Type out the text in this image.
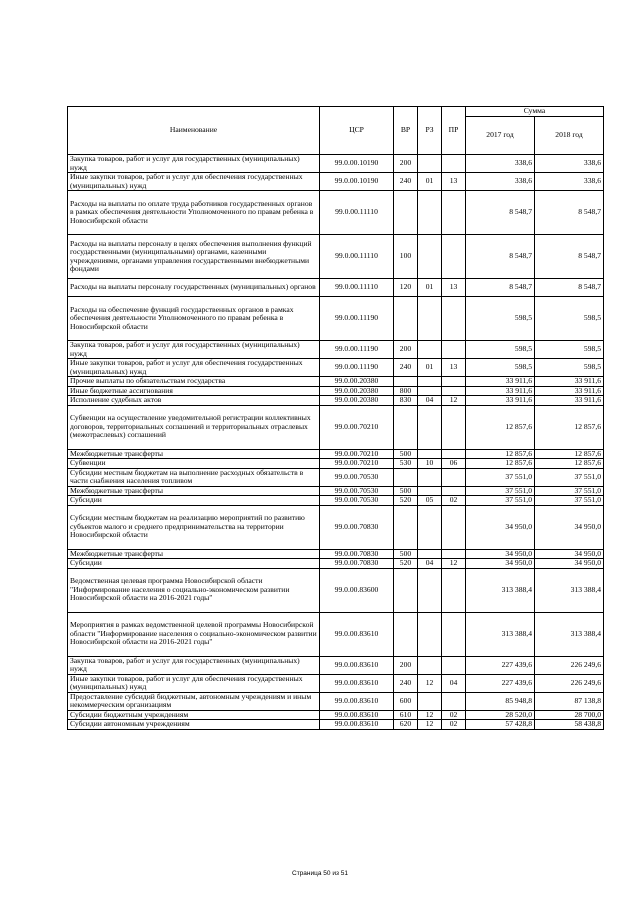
Наименование	ЦСР	ВР	РЗ	ПР	Сумма	
					2017 год	2018 год
Закупка товаров, работ и услуг для государственных (муниципальных) нужд	99.0.00.10190	200			338,6	338,6
Иные закупки товаров, работ и услуг для обеспечения государственных (муниципальных) нужд	99.0.00.10190	240	01	13	338,6	338,6
Расходы на выплаты по оплате труда работников государственных органов в рамках обеспечения деятельности Уполномоченного по правам ребенка в Новосибирской области	99.0.00.11110				8 548,7	8 548,7
Расходы на выплаты персоналу в целях обеспечения выполнения функций государственными (муниципальными) органами, казенными учреждениями, органами управления государственными внебюджетными фондами	99.0.00.11110	100			8 548,7	8 548,7
Расходы на выплаты персоналу государственных (муниципальных) органов	99.0.00.11110	120	01	13	8 548,7	8 548,7
Расходы на обеспечение функций государственных органов в рамках обеспечения деятельности Уполномоченного по правам ребенка в Новосибирской области	99.0.00.11190				598,5	598,5
Закупка товаров, работ и услуг для государственных (муниципальных) нужд	99.0.00.11190	200			598,5	598,5
Иные закупки товаров, работ и услуг для обеспечения государственных (муниципальных) нужд	99.0.00.11190	240	01	13	598,5	598,5
Прочие выплаты по обязательствам государства	99.0.00.20380				33 911,6	33 911,6
Иные бюджетные ассигнования	99.0.00.20380	800			33 911,6	33 911,6
Исполнение судебных актов	99.0.00.20380	830	04	12	33 911,6	33 911,6
Субвенции на осуществление уведомительной регистрации коллективных договоров, территориальных соглашений и территориальных отраслевых (межотраслевых) соглашений	99.0.00.70210				12 857,6	12 857,6
Межбюджетные трансферты	99.0.00.70210	500			12 857,6	12 857,6
Субвенции	99.0.00.70210	530	10	06	12 857,6	12 857,6
Субсидии местным бюджетам на выполнение расходных обязательств в части снабжения населения топливом	99.0.00.70530				37 551,0	37 551,0
Межбюджетные трансферты	99.0.00.70530	500			37 551,0	37 551,0
Субсидии	99.0.00.70530	520	05	02	37 551,0	37 551,0
Субсидии местным бюджетам на реализацию мероприятий по развитию субъектов малого и среднего предпринимательства на территории Новосибирской области	99.0.00.70830				34 950,0	34 950,0
Межбюджетные трансферты	99.0.00.70830	500			34 950,0	34 950,0
Субсидии	99.0.00.70830	520	04	12	34 950,0	34 950,0
Ведомственная целевая программа Новосибирской области "Информирование населения о социально-экономическом развитии Новосибирской области на 2016-2021 годы"	99.0.00.83600				313 388,4	313 388,4
Мероприятия в рамках ведомственной целевой программы Новосибирской области "Информирование населения о социально-экономическом развитии Новосибирской области на 2016-2021 годы"	99.0.00.83610				313 388,4	313 388,4
Закупка товаров, работ и услуг для государственных (муниципальных) нужд	99.0.00.83610	200			227 439,6	226 249,6
Иные закупки товаров, работ и услуг для обеспечения государственных (муниципальных) нужд	99.0.00.83610	240	12	04	227 439,6	226 249,6
Предоставление субсидий бюджетным, автономным учреждениям и иным некоммерческим организациям	99.0.00.83610	600			85 948,8	87 138,8
Субсидии бюджетным учреждениям	99.0.00.83610	610	12	02	28 520,0	28 700,0
Субсидии автономным учреждениям	99.0.00.83610	620	12	02	57 428,8	58 438,8
Страница 50 из 51
